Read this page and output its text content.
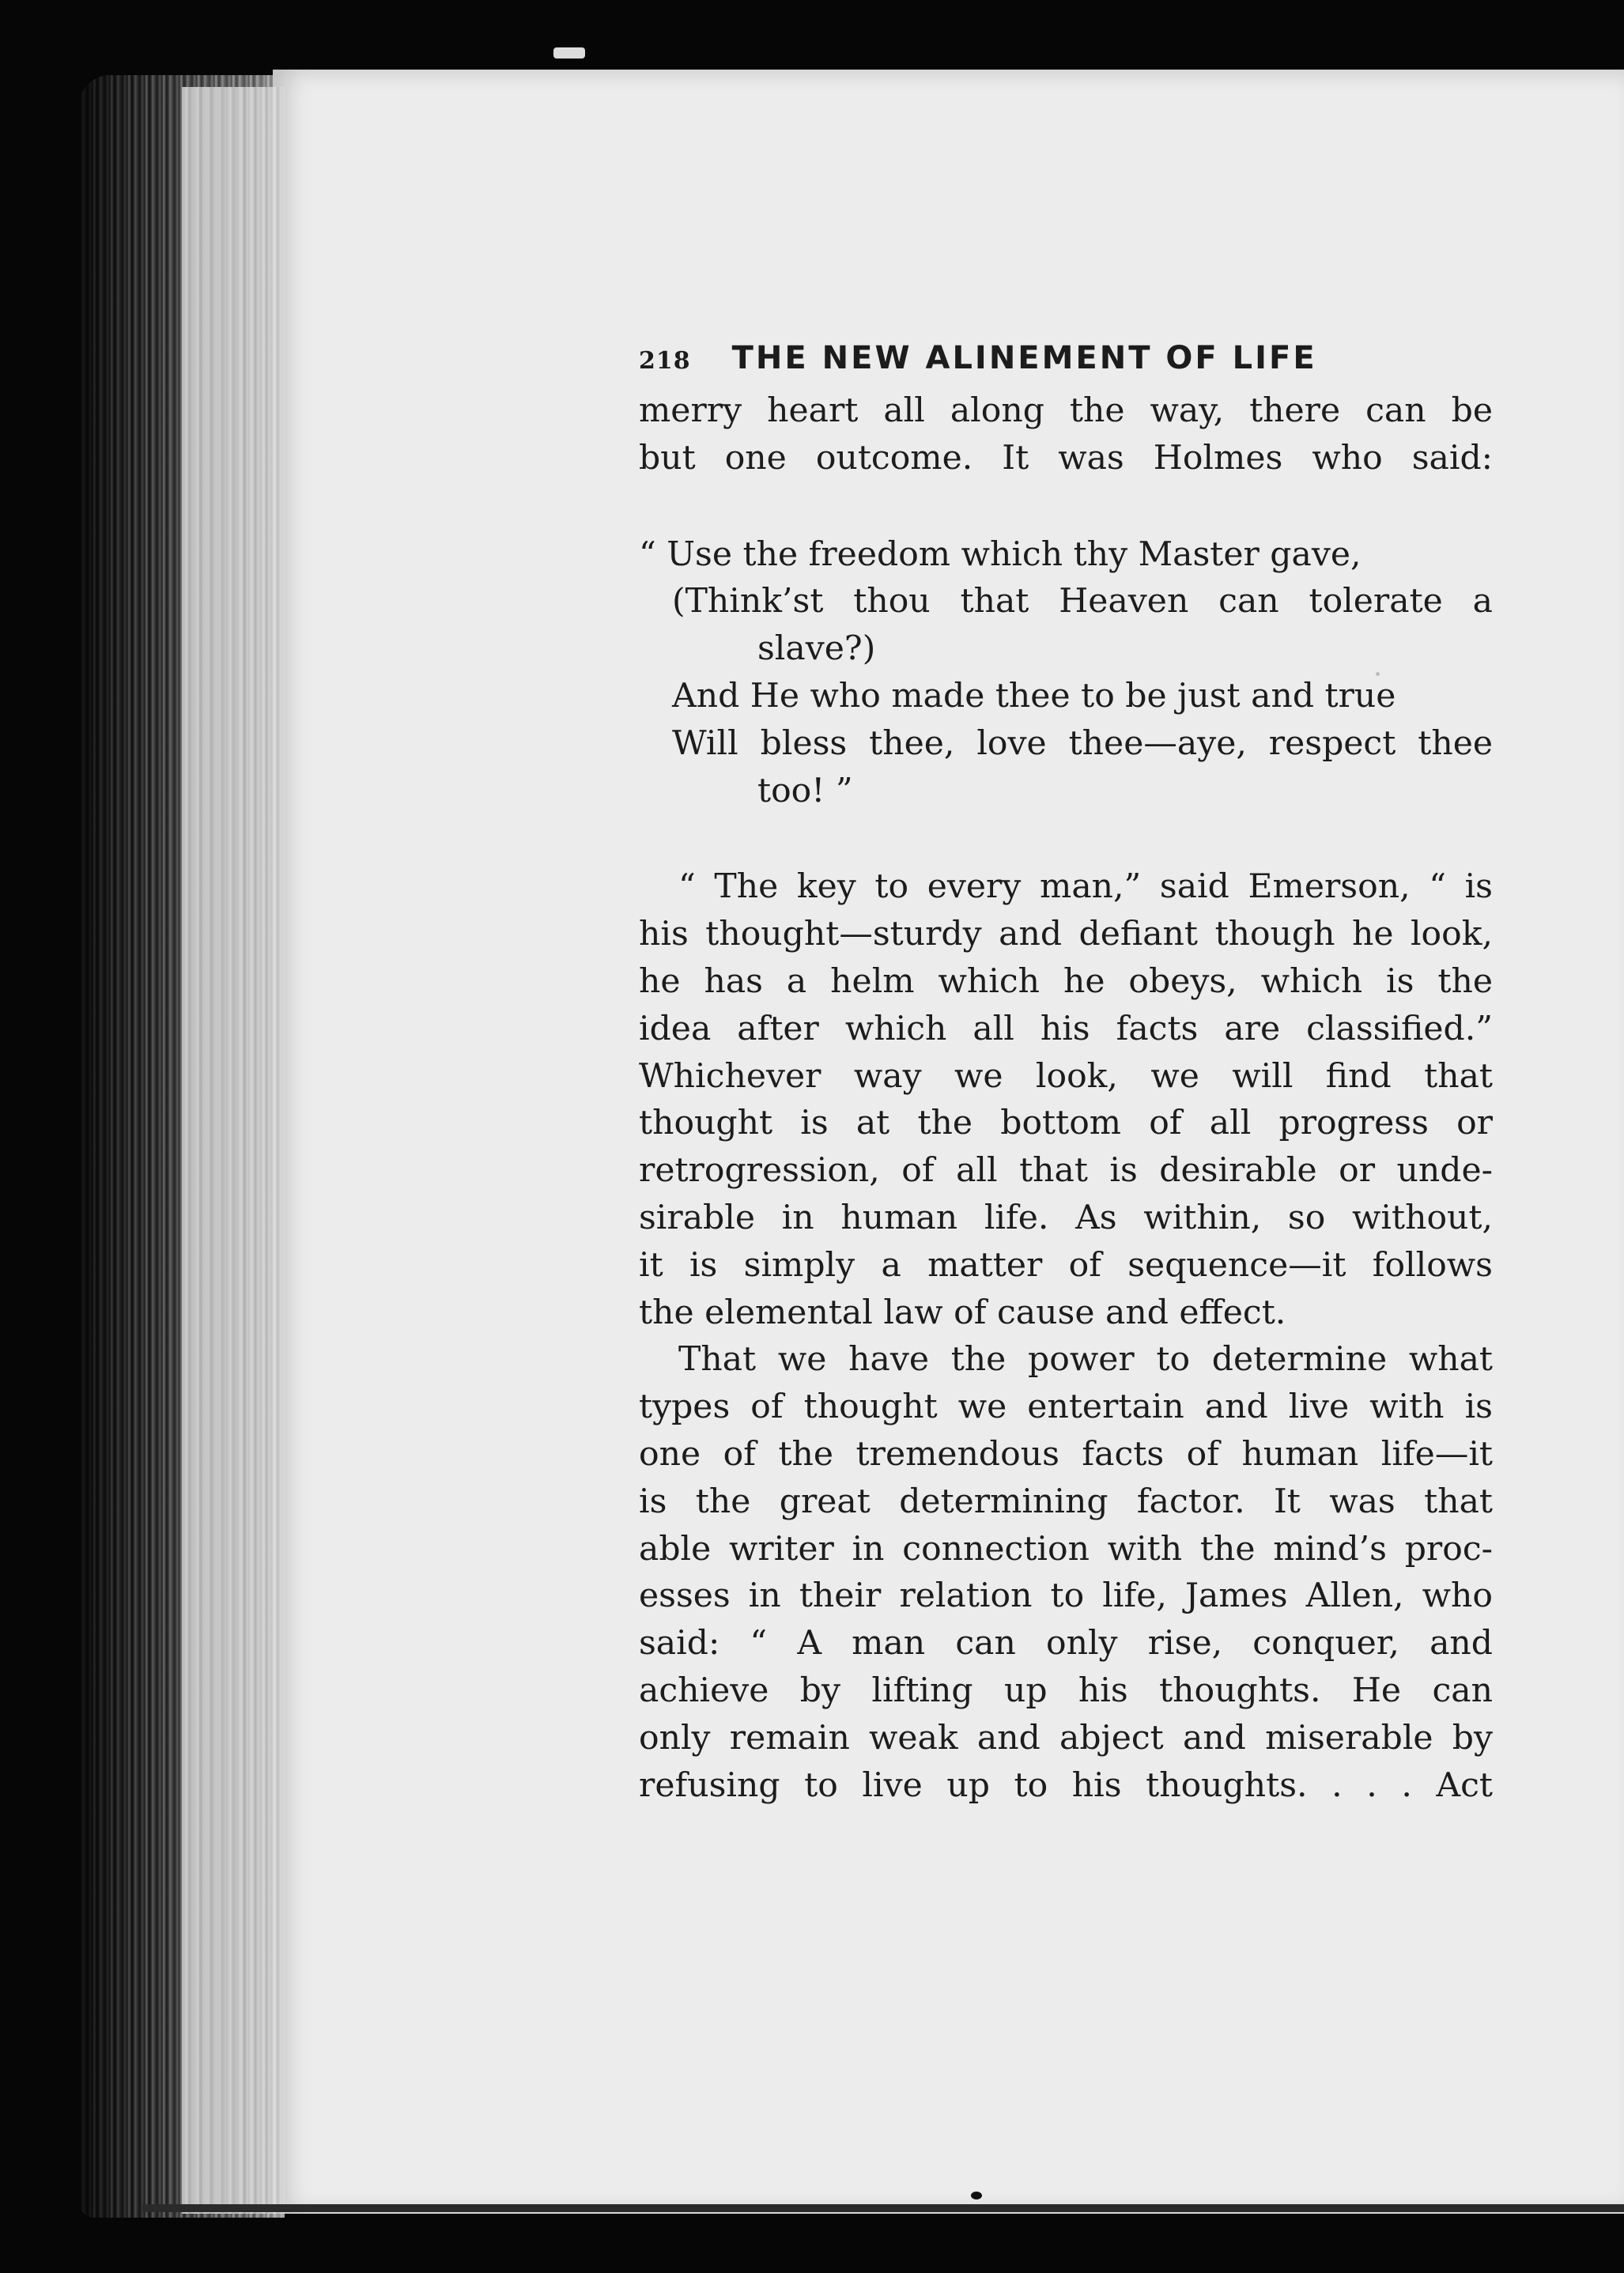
218 THE NEW ALINEMENT OF LIFE
merry heart all along the way, there can be
but one outcome. It was Holmes who said:
“ Use the freedom which thy Master gave,
(Think’st thou that Heaven can tolerate a
slave?)
And He who made thee to be just and true
Will bless thee, love thee—aye, respect thee
too! ”
“ The key to every man,” said Emerson, “ is
his thought—sturdy and defiant though he look,
he has a helm which he obeys, which is the
idea after which all his facts are classified.”
Whichever way we look, we will find that
thought is at the bottom of all progress or
retrogression, of all that is desirable or unde-
sirable in human life. As within, so without,
it is simply a matter of sequence—it follows
the elemental law of cause and effect.
That we have the power to determine what
types of thought we entertain and live with is
one of the tremendous facts of human life—it
is the great determining factor. It was that
able writer in connection with the mind’s proc-
esses in their relation to life, James Allen, who
said: “ A man can only rise, conquer, and
achieve by lifting up his thoughts. He can
only remain weak and abject and miserable by
refusing to live up to his thoughts. . . . Act
